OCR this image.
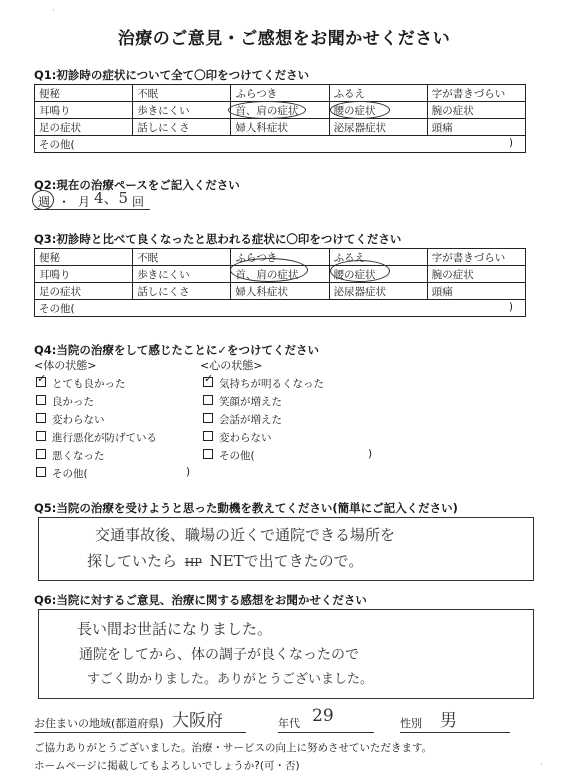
治療のご意見・ご感想をお聞かせください
Q1:初診時の症状について全て〇印をつけてください
便秘	不眠	ふらつき	ふるえ	字が書きづらい
耳鳴り	歩きにくい	首、肩の症状	腰の症状	腕の症状
足の症状	話しにくさ	婦人科症状	泌尿器症状	頭痛
その他( )				
Q2:現在の治療ペースをご記入ください
週 ・ 月 4、5 回
Q3:初診時と比べて良くなったと思われる症状に〇印をつけてください
便秘	不眠	ふらつき	ふるえ	字が書きづらい
耳鳴り	歩きにくい	首、肩の症状	腰の症状	腕の症状
足の症状	話しにくさ	婦人科症状	泌尿器症状	頭痛
その他( )				
Q4:当院の治療をして感じたことに✓をつけてください
<体の状態>	<心の状態>
✓ とても良かった
良かった
変わらない
進行悪化が防げている
悪くなった
その他(	)
✓ 気持ちが明るくなった
笑顔が増えた
会話が増えた
変わらない
その他(	)
Q5:当院の治療を受けようと思った動機を教えてください(簡単にご記入ください)
交通事故後、職場の近くで通院できる場所を
探していたら HP NETで出てきたので。
Q6:当院に対するご意見、治療に関する感想をお聞かせください
長い間お世話になりました。
通院をしてから、体の調子が良くなったので
すごく助かりました。ありがとうございました。
お住まいの地域(都道府県) 大阪府	年代 29	性別 男
ご協力ありがとうございました。治療・サービスの向上に努めさせていただきます。
ホームページに掲載してもよろしいでしょうか?(可・否)
·
·
